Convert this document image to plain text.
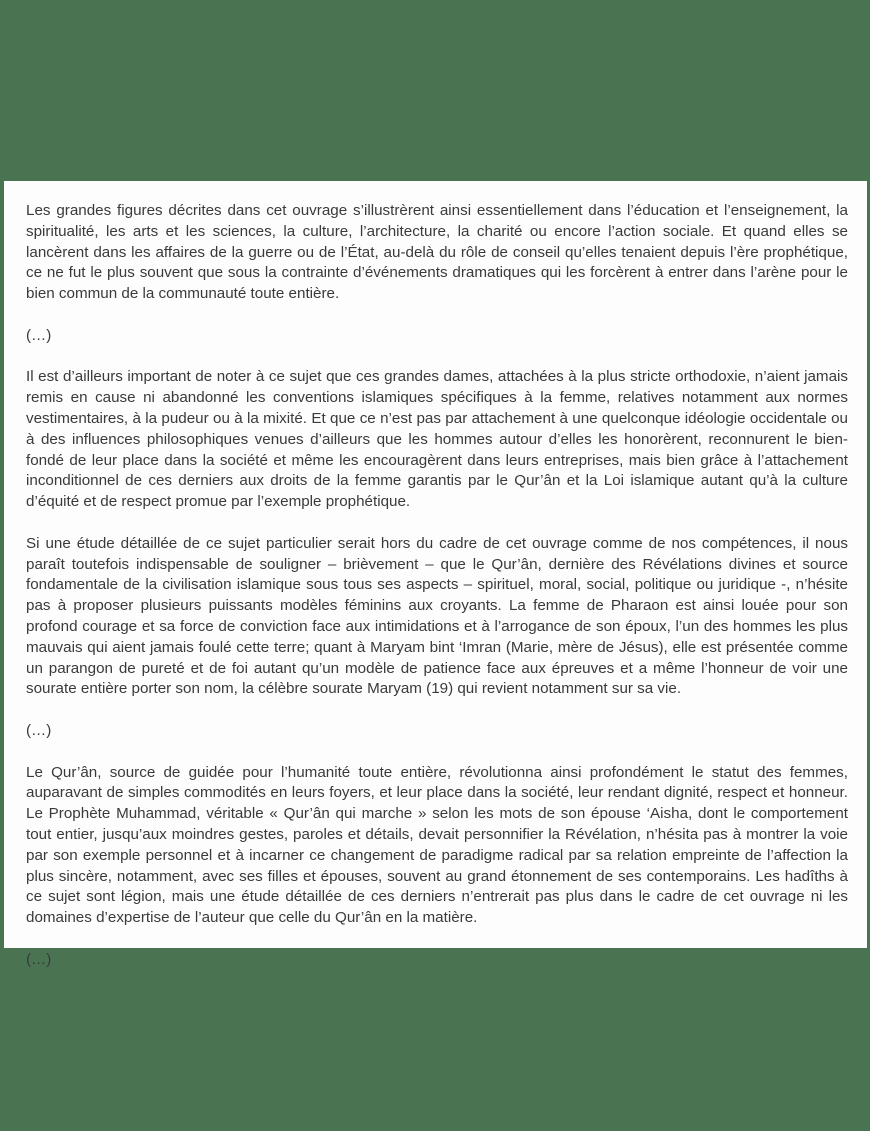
Les grandes figures décrites dans cet ouvrage s’illustrèrent ainsi essentiellement dans l’éducation et l’enseignement, la spiritualité, les arts et les sciences, la culture, l’architecture, la charité ou encore l’action sociale. Et quand elles se lancèrent dans les affaires de la guerre ou de l’État, au-delà du rôle de conseil qu’elles tenaient depuis l’ère prophétique, ce ne fut le plus souvent que sous la contrainte d’événements dramatiques qui les forcèrent à entrer dans l’arène pour le bien commun de la communauté toute entière.

(…)

Il est d’ailleurs important de noter à ce sujet que ces grandes dames, attachées à la plus stricte orthodoxie, n’aient jamais remis en cause ni abandonné les conventions islamiques spécifiques à la femme, relatives notamment aux normes vestimentaires, à la pudeur ou à la mixité. Et que ce n’est pas par attachement à une quelconque idéologie occidentale ou à des influences philosophiques venues d’ailleurs que les hommes autour d’elles les honorèrent, reconnurent le bien-fondé de leur place dans la société et même les encouragèrent dans leurs entreprises, mais bien grâce à l’attachement inconditionnel de ces derniers aux droits de la femme garantis par le Qur’ân et la Loi islamique autant qu’à la culture d’équité et de respect promue par l’exemple prophétique.

Si une étude détaillée de ce sujet particulier serait hors du cadre de cet ouvrage comme de nos compétences, il nous paraît toutefois indispensable de souligner – brièvement – que le Qur’ân, dernière des Révélations divines et source fondamentale de la civilisation islamique sous tous ses aspects – spirituel, moral, social, politique ou juridique -, n’hésite pas à proposer plusieurs puissants modèles féminins aux croyants. La femme de Pharaon est ainsi louée pour son profond courage et sa force de conviction face aux intimidations et à l’arrogance de son époux, l’un des hommes les plus mauvais qui aient jamais foulé cette terre; quant à Maryam bint ‘Imran (Marie, mère de Jésus), elle est présentée comme un parangon de pureté et de foi autant qu’un modèle de patience face aux épreuves et a même l’honneur de voir une sourate entière porter son nom, la célèbre sourate Maryam (19) qui revient notamment sur sa vie.

(…)

Le Qur’ân, source de guidée pour l’humanité toute entière, révolutionna ainsi profondément le statut des femmes, auparavant de simples commodités en leurs foyers, et leur place dans la société, leur rendant dignité, respect et honneur. Le Prophète Muhammad, véritable « Qur’ân qui marche » selon les mots de son épouse ‘Aisha, dont le comportement tout entier, jusqu’aux moindres gestes, paroles et détails, devait personnifier la Révélation, n’hésita pas à montrer la voie par son exemple personnel et à incarner ce changement de paradigme radical par sa relation empreinte de l’affection la plus sincère, notamment, avec ses filles et épouses, souvent au grand étonnement de ses contemporains. Les hadîths à ce sujet sont légion, mais une étude détaillée de ces derniers n’entrerait pas plus dans le cadre de cet ouvrage ni les domaines d’expertise de l’auteur que celle du Qur’ân en la matière.

(…)
